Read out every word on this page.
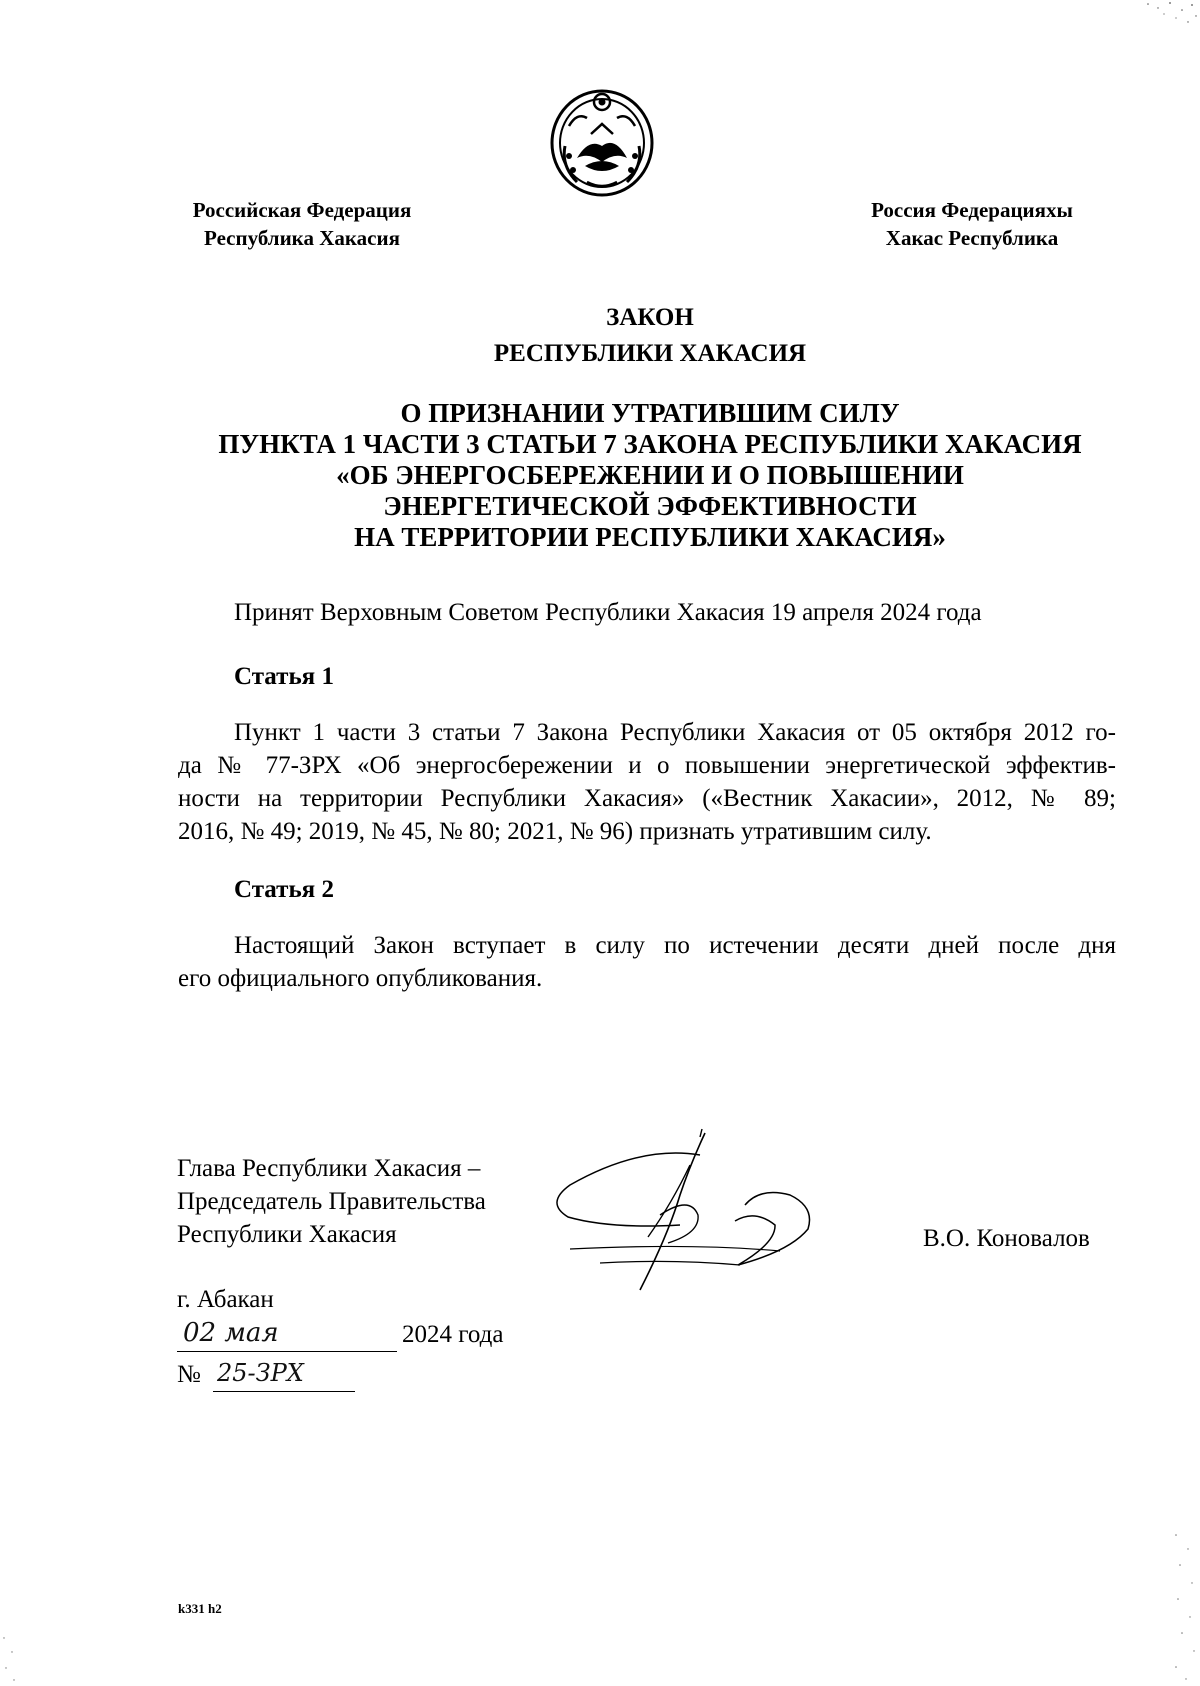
Российская Федерация
Республика Хакасия
Россия Федерацияхы
Хакас Республика
ЗАКОН
РЕСПУБЛИКИ ХАКАСИЯ
О ПРИЗНАНИИ УТРАТИВШИМ СИЛУ
ПУНКТА 1 ЧАСТИ 3 СТАТЬИ 7 ЗАКОНА РЕСПУБЛИКИ ХАКАСИЯ
«ОБ ЭНЕРГОСБЕРЕЖЕНИИ И О ПОВЫШЕНИИ
ЭНЕРГЕТИЧЕСКОЙ ЭФФЕКТИВНОСТИ
НА ТЕРРИТОРИИ РЕСПУБЛИКИ ХАКАСИЯ»
Принят Верховным Советом Республики Хакасия 19 апреля 2024 года
Статья 1
Пункт 1 части 3 статьи 7 Закона Республики Хакасия от 05 октября 2012 го-
да № 77-ЗРХ «Об энергосбережении и о повышении энергетической эффектив-
ности на территории Республики Хакасия» («Вестник Хакасии», 2012, № 89;
2016, № 49; 2019, № 45, № 80; 2021, № 96) признать утратившим силу.
Статья 2
Настоящий Закон вступает в силу по истечении десяти дней после дня
его официального опубликования.
Глава Республики Хакасия –
Председатель Правительства
Республики Хакасия	В.О. Коновалов
г. Абакан
02 мая	2024 года
№ 25-ЗРХ
k331 h2
